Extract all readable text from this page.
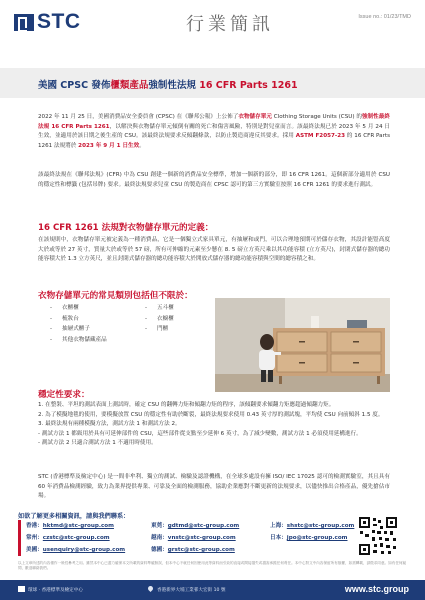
STC	行業簡訊	Issue no.: 01/23/TMD
美國 CPSC 發佈櫃類產品強制性法規 16 CFR Parts 1261
2022 年 11 月 25 日，美國消費品安全委員會 (CPSC) 在《聯邦公報》上公佈了衣物儲存單元 Clothing Storage Units (CSU) 的強制性最終法規 16 CFR Parts 1261，以解決與衣物儲存單元傾倒有關的死亡和傷害風險，特別是對兒童而言。該最終法規已於 2023 年 5 月 24 日生效，並適用於該日期之後生產的 CSU。該最終法規要求反傾翻條款，以防止製造商違反其要求。採用 ASTM F2057-23 的 16 CFR Parts 1261 法規將於 2023 年 9 月 1 日生效。
該最終法規在《聯邦法規》(CFR) 中為 CSU 創建一個新的消費品安全標準，增加一個新的部分，即 16 CFR 1261。這個新部分適用於 CSU 的穩定性和標籤 (包括吊牌) 要求。最終法規要求兒童 CSU 的製造商在 CPSC 認可的第三方實驗室按照 16 CFR 1261 的要求進行測試。
16 CFR 1261 法規對衣物儲存單元的定義：
在該規則中，衣物儲存單元被定義為一種消費品，它是一個獨立式家具單元，有抽屜和或門，可以合理地預期可於儲存衣物，其設計能豎高度大於或等於 27 英寸，質量大於或等於 57 磅，所有可伸縮的元素至少懸在 8. 5 磅立方英尺乘以其功能容積 (立方英尺)，封閉式儲存器的總功能容積大於 1.3 立方英尺，並且封閉式儲存器的總功能容積大於開放式儲存器的總功能容積與空間的總容積之和。
衣物存儲單元的常見類別包括但不限於：
- 衣櫃櫃	- 五斗櫃
- 梳妝台	- 衣櫥櫃
- 抽屜式櫃子	- 門櫃
- 其他衣物儲藏產品
穩定性要求：
1. 在整裝、平坦的測試表面上測試時，確定 CSU 的翻轉力矩和傾翻力矩的程序，該傾翻要求傾翻力矩應超過傾翻力矩。
2. 為了模擬地毯的使用，要模擬放置 CSU 的穩定性有助於斷裂，最終法規要求使用 0.43 英寸厚的測試塊，平均使 CSU 向前傾斜 1.5 度。
3. 最終法規有兩種模擬方法，測試方法 1 和測試方法 2。
- 測試方法 1 都級用於具有可延伸部件的 CSU，這些部件從支點至少延伸 6 英寸，為了減少變數，測試方法 1 必須使用延構進行。
- 測試方法 2 只適合測試方法 1 不適用時使用。
STC (香港標準及檢定中心) 是一間非牟利、獨立的測試、檢驗及認證機構，在全球多處設有擁 ISO/ IEC 17025 認可的檢測實驗室，其且具有 60 年消費品檢測經驗，致力為業界提供專業、可靠及全面的檢測服務，協助企業應對不斷更新的法規要求，以儘快推出合格產品，優先搶佔市場。
如欲了解更多相關資訊，請與我們聯系：
香港：hktmd@stc-group.com	東莞：gdtmd@stc-group.com	上海：shstc@stc-group.com
常州：czstc@stc-group.com	越南：vnstc@stc-group.com	日本：jpo@stc-group.com
美國：usenquiry@stc-group.com	德國：grstc@stc-group.com
以上文章所述的內容僅作一般性參考之用。雖然本中心已盡力確保本文所載的資料準確無誤，但本中心不就任何因使用此等資料而引致的直接或間接損失或損害承擔任何責任。本中心對文中內容保留所有版權，如需轉載，請徵求同意。如有任何疑問，歡迎聯絡我們。
環球 · 香港標準及檢定中心	香港新界大埔工業邨大宏街 10 號	www.stc.group
